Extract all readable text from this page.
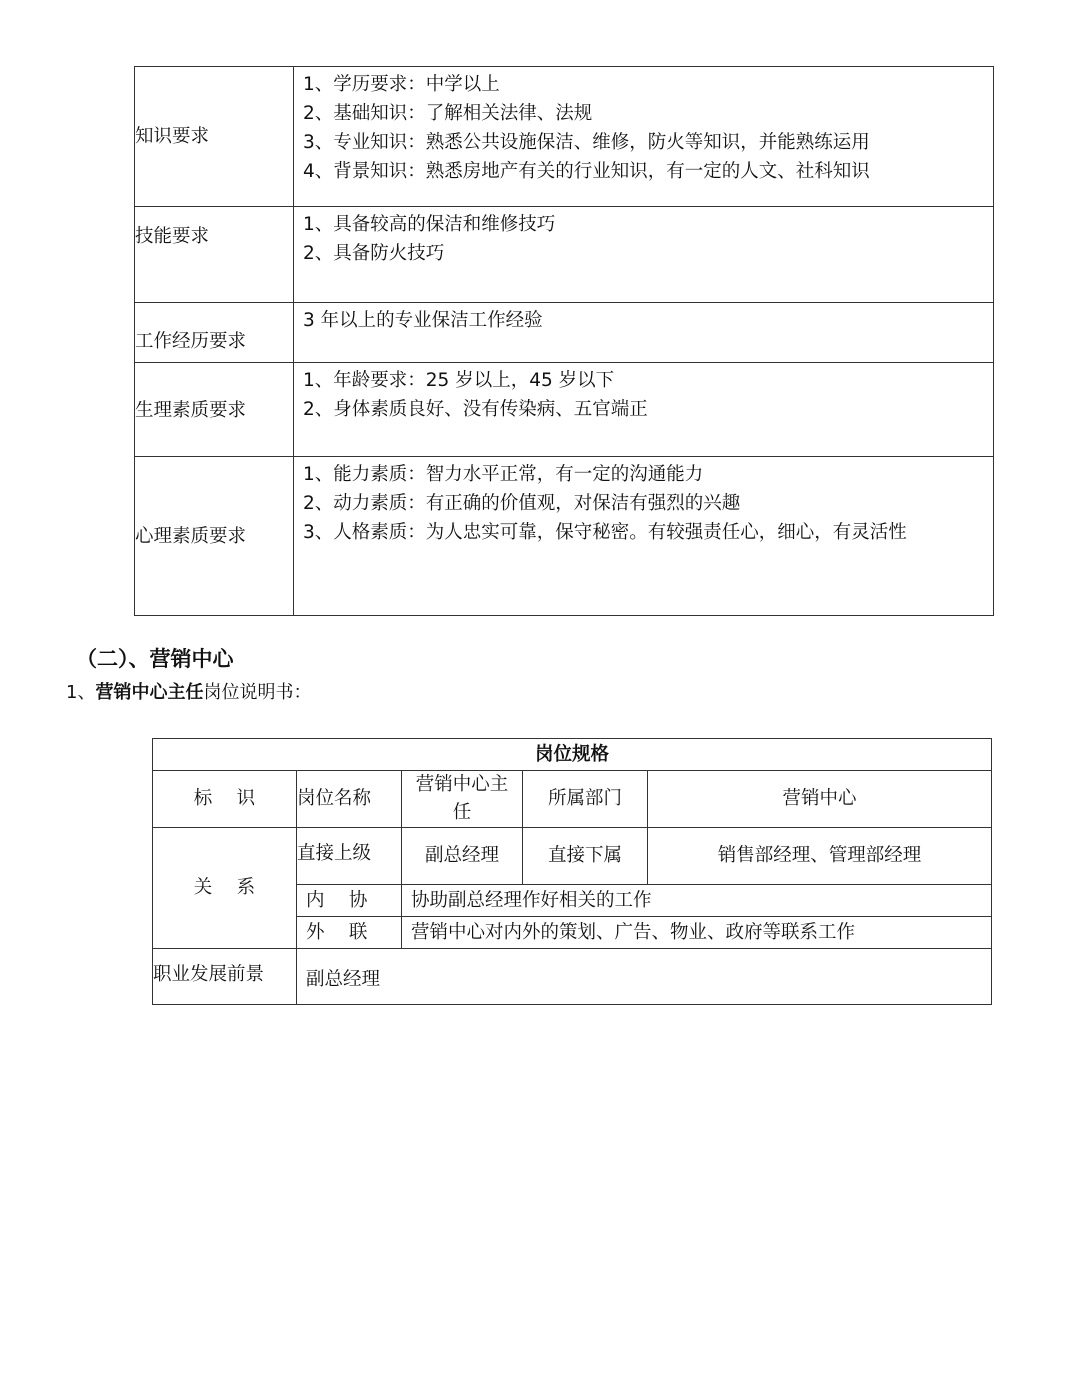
知识要求	1、学历要求：中学以上
2、基础知识：了解相关法律、法规
3、专业知识：熟悉公共设施保洁、维修，防火等知识，并能熟练运用
4、背景知识：熟悉房地产有关的行业知识，有一定的人文、社科知识

技能要求	1、具备较高的保洁和维修技巧
2、具备防火技巧

工作经历要求	3 年以上的专业保洁工作经验

生理素质要求	1、年龄要求：25 岁以上，45 岁以下
2、身体素质良好、没有传染病、五官端正

心理素质要求	1、能力素质：智力水平正常，有一定的沟通能力
2、动力素质：有正确的价值观，对保洁有强烈的兴趣
3、人格素质：为人忠实可靠，保守秘密。有较强责任心，细心，有灵活性
（二）、营销中心
1、营销中心主任岗位说明书：
岗位规格				
标　 识	岗位名称	营销中心主任	所属部门	营销中心
关　 系	直接上级	副总经理	直接下属	销售部经理、管理部经理
	内　 协	协助副总经理作好相关的工作		
	外　 联	营销中心对内外的策划、广告、物业、政府等联系工作		
职业发展前景	副总经理			
